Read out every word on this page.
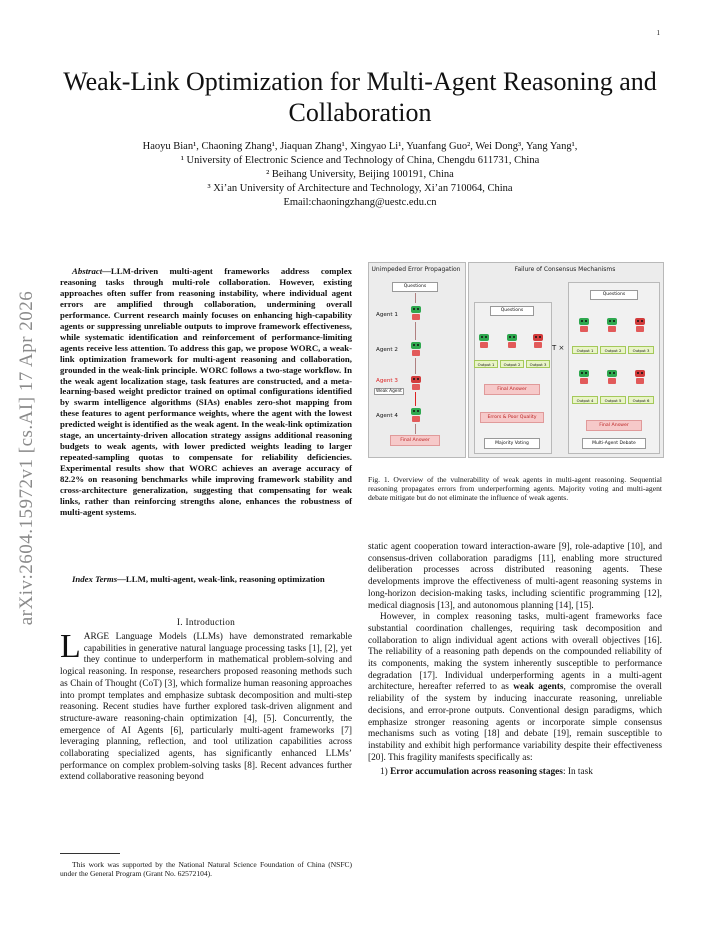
1
arXiv:2604.15972v1 [cs.AI] 17 Apr 2026
Weak-Link Optimization for Multi-Agent Reasoning and Collaboration
Haoyu Bian¹, Chaoning Zhang¹, Jiaquan Zhang¹, Xingyao Li¹, Yuanfang Guo², Wei Dong³, Yang Yang¹,
¹ University of Electronic Science and Technology of China, Chengdu 611731, China
² Beihang University, Beijing 100191, China
³ Xi’an University of Architecture and Technology, Xi’an 710064, China
Email:chaoningzhang@uestc.edu.cn

Abstract—LLM-driven multi-agent frameworks address complex reasoning tasks through multi-role collaboration. However, existing approaches often suffer from reasoning instability, where individual agent errors are amplified through collaboration, undermining overall performance. Current research mainly focuses on enhancing high-capability agents or suppressing unreliable outputs to improve framework effectiveness, while systematic identification and reinforcement of performance-limiting agents receive less attention. To address this gap, we propose WORC, a weak-link optimization framework for multi-agent reasoning and collaboration, grounded in the weak-link principle. WORC follows a two-stage workflow. In the weak agent localization stage, task features are constructed, and a meta-learning-based weight predictor trained on optimal configurations identified by swarm intelligence algorithms (SIAs) enables zero-shot mapping from these features to agent performance weights, where the agent with the lowest predicted weight is identified as the weak agent. In the weak-link optimization stage, an uncertainty-driven allocation strategy assigns additional reasoning budgets to weak agents, with lower predicted weights leading to larger repeated-sampling quotas to compensate for reliability deficiencies. Experimental results show that WORC achieves an average accuracy of 82.2% on reasoning benchmarks while improving framework stability and cross-architecture generalization, suggesting that compensating for weak links, rather than reinforcing strengths alone, enhances the robustness of multi-agent systems.

Index Terms—LLM, multi-agent, weak-link, reasoning optimization

I. Introduction

LARGE Language Models (LLMs) have demonstrated remarkable capabilities in generative natural language processing tasks [1], [2], yet they continue to underperform in mathematical problem-solving and logical reasoning. In response, researchers proposed reasoning methods such as Chain of Thought (CoT) [3], which formalize human reasoning approaches into prompt templates and emphasize subtask decomposition and multi-step reasoning. Recent studies have further explored task-driven alignment and structure-aware reasoning-chain optimization [4], [5]. Concurrently, the emergence of AI Agents [6], particularly multi-agent frameworks [7] leveraging planning, reflection, and tool utilization capabilities across collaborating specialized agents, has significantly enhanced LLMs’ performance on complex problem-solving tasks [8]. Recent advances further extend collaborative reasoning beyond

This work was supported by the National Natural Science Foundation of China (NSFC) under the General Program (Grant No. 62572104).

Unimpeded Error Propagation
Questions
Agent 1
Agent 2
Agent 3
Weak Agent
Agent 4
Final Answer
Failure of Consensus Mechanisms
Questions
Output 1	Output 2	Output 3
Final Answer
Errors & Poor Quality
Majority Voting
T ×
Questions
Output 1	Output 2	Output 3
Output 4	Output 5	Output 6
Final Answer
Multi-Agent Debate
Fig. 1. Overview of the vulnerability of weak agents in multi-agent reasoning. Sequential reasoning propagates errors from underperforming agents. Majority voting and multi-agent debate mitigate but do not eliminate the influence of weak agents.

static agent cooperation toward interaction-aware [9], role-adaptive [10], and consensus-driven collaboration paradigms [11], enabling more structured deliberation processes across distributed reasoning agents. These developments improve the effectiveness of multi-agent reasoning systems in long-horizon decision-making tasks, including scientific programming [12], medical diagnosis [13], and autonomous planning [14], [15].

However, in complex reasoning tasks, multi-agent frameworks face substantial coordination challenges, requiring task decomposition and collaboration to align individual agent actions with overall objectives [16]. The reliability of a reasoning path depends on the compounded reliability of its components, making the system inherently susceptible to performance degradation [17]. Individual underperforming agents in a multi-agent architecture, hereafter referred to as weak agents, compromise the overall reliability of the system by inducing inaccurate reasoning, unreliable decisions, and error-prone outputs. Conventional design paradigms, which emphasize stronger reasoning agents or incorporate simple consensus mechanisms such as voting [18] and debate [19], remain susceptible to instability and exhibit high performance variability despite their effectiveness [20]. This fragility manifests specifically as:

1) Error accumulation across reasoning stages: In task
